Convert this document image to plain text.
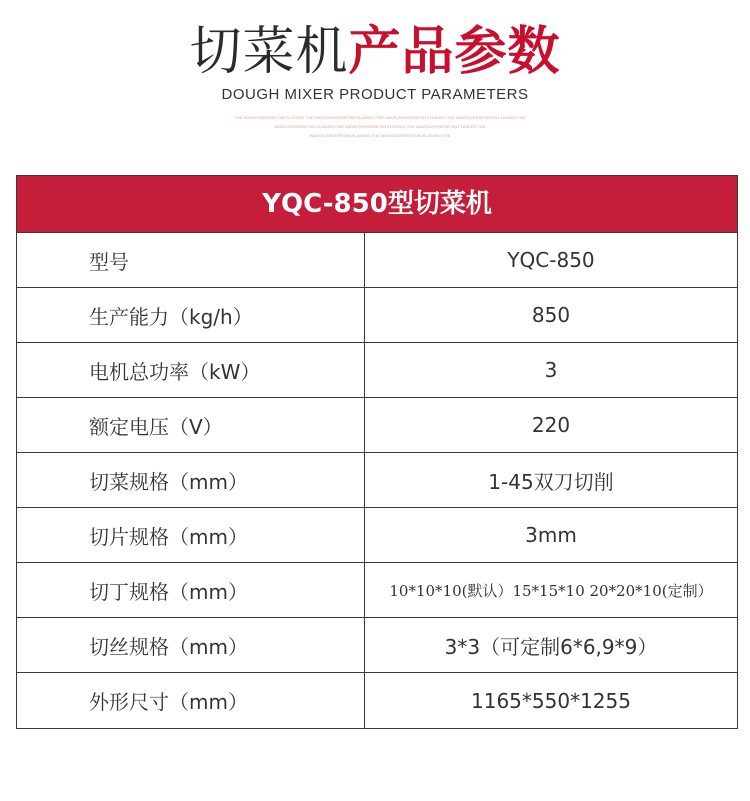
切菜机产品参数
DOUGH MIXER PRODUCT PARAMETERS
THE WAVEOVERSERETIIN FLASHED THE WAVEOVERSERETIIN FLASHED THE WAVEOVERSERETIIN FLASHED THE WAVEOVERSERETIIN FLASHED THE
WAVEOVERSERETIIN FLASHED THE WAVEOVERSERETIIN FLASHED THE WAVEOVERSERETIIN FLASHED THE
WAVEOVERSERETIIN FLASHED THE WAVEOVERSERETIIN FLASHED THE
YQC-850型切菜机
型号	YQC-850
生产能力（kg/h）	850
电机总功率（kW）	3
额定电压（V）	220
切菜规格（mm）	1-45双刀切削
切片规格（mm）	3mm
切丁规格（mm）	10*10*10(默认）15*15*10 20*20*10(定制）
切丝规格（mm）	3*3（可定制6*6,9*9）
外形尺寸（mm）	1165*550*1255
